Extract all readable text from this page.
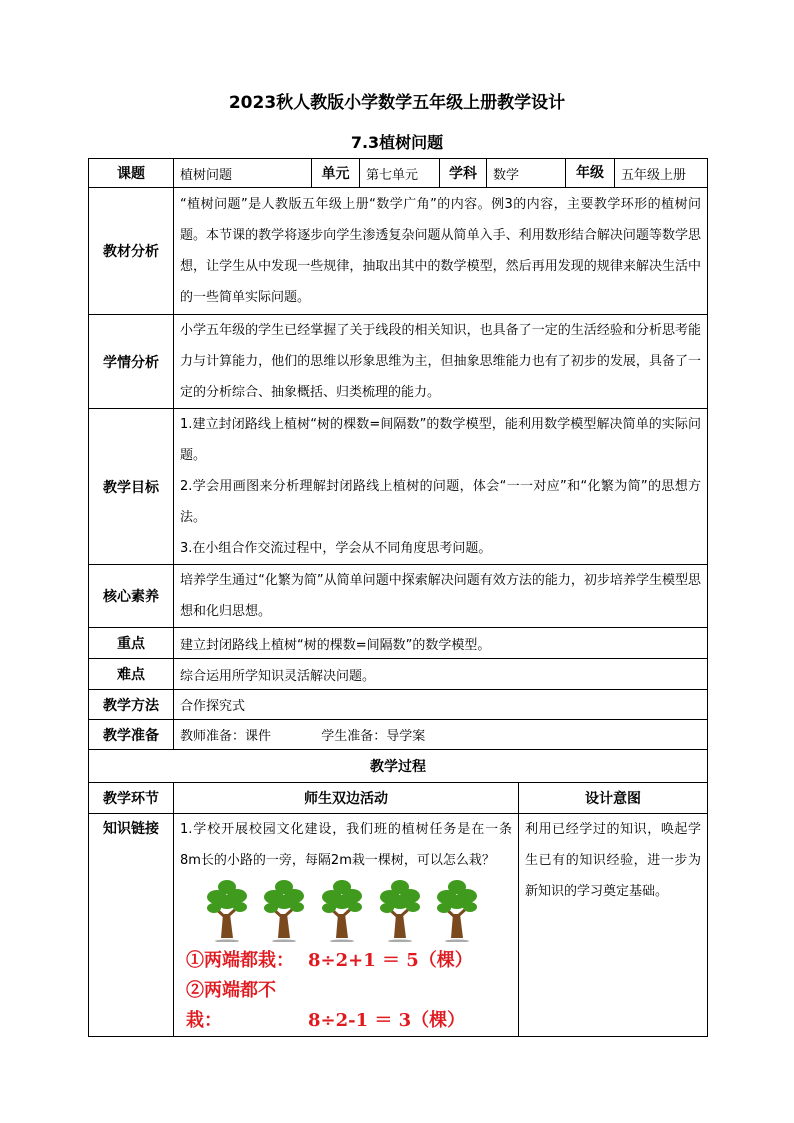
2023秋人教版小学数学五年级上册教学设计
7.3植树问题
课题	植树问题	单元	第七单元	学科	数学		年级 五年级上册

教材分析	“植树问题”是人教版五年级上册“数学广角”的内容。例3的内容，主要教学环形的植树问题。本节课的教学将逐步向学生渗透复杂问题从简单入手、利用数形结合解决问题等数学思想，让学生从中发现一些规律，抽取出其中的数学模型，然后再用发现的规律来解决生活中的一些简单实际问题。						
学情分析	小学五年级的学生已经掌握了关于线段的相关知识，也具备了一定的生活经验和分析思考能力与计算能力，他们的思维以形象思维为主，但抽象思维能力也有了初步的发展，具备了一定的分析综合、抽象概括、归类梳理的能力。						
教学目标	1.建立封闭路线上植树“树的棵数=间隔数”的数学模型，能利用数学模型解决简单的实际问题。
2.学会用画图来分析理解封闭路线上植树的问题，体会“一一对应”和“化繁为简”的思想方法。
3.在小组合作交流过程中，学会从不同角度思考问题。						

核心素养	培养学生通过“化繁为简”从简单问题中探索解决问题有效方法的能力，初步培养学生模型思想和化归思想。						
重点	建立封闭路线上植树“树的棵数=间隔数”的数学模型。						
难点	综合运用所学知识灵活解决问题。						
教学方法	合作探究式						
教学准备	教师准备：课件 学生准备：导学案						
教学过程							
教学环节	师生双边活动					设计意图	
知识链接	1.学校开展校园文化建设，我们班的植树任务是在一条8m长的小路的一旁，每隔2m栽一棵树，可以怎么栽？
①两端都栽： 8÷2+1 ＝ 5（棵）
②两端都不栽： 8÷2-1 ＝ 3（棵）					利用已经学过的知识，唤起学生已有的知识经验，进一步为新知识的学习奠定基础。	
